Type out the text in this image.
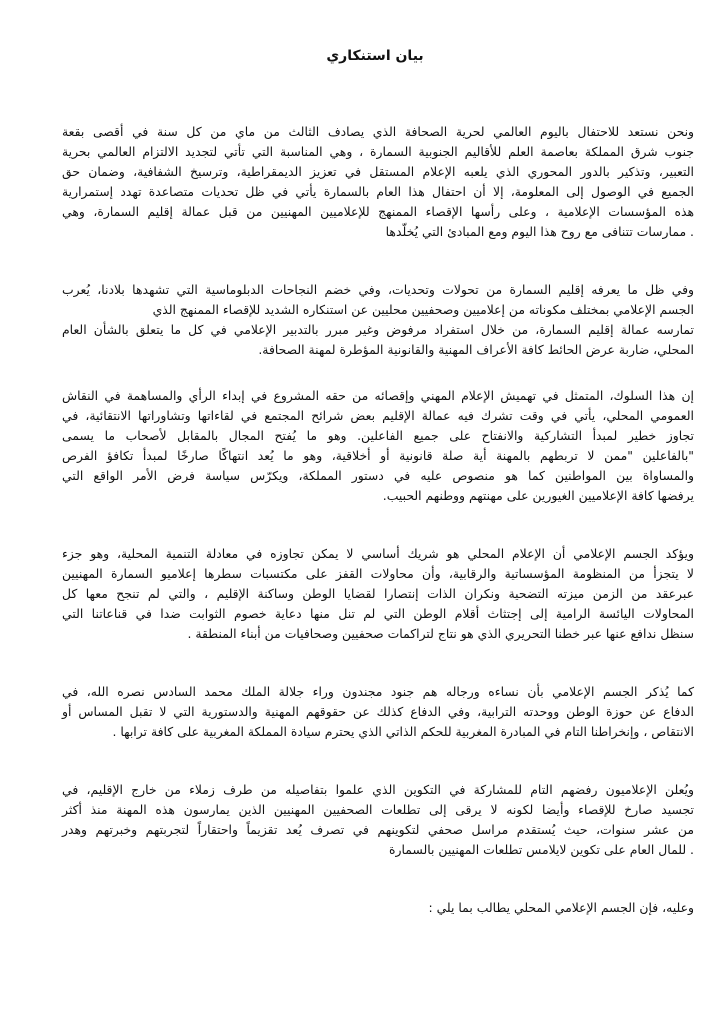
بيان استنكاري
ونحن نستعد للاحتفال باليوم العالمي لحرية الصحافة الذي يصادف الثالث من ماي من كل سنة في أقصى بقعة
جنوب شرق المملكة بعاصمة العلم للأقاليم الجنوبية السمارة ، وهي المناسبة التي تأتي لتجديد الالتزام العالمي بحرية
التعبير، وتذكير بالدور المحوري الذي يلعبه الإعلام المستقل في تعزيز الديمقراطية، وترسيخ الشفافية، وضمان حق
الجميع في الوصول إلى المعلومة، إلا أن احتفال هذا العام بالسمارة يأتي في ظل تحديات متصاعدة تهدد إستمرارية
هذه المؤسسات الإعلامية ، وعلى رأسها الإقصاء الممنهج للإعلاميين المهنيين من قبل عمالة إقليم السمارة، وهي
. ممارسات تتنافى مع روح هذا اليوم ومع المبادئ التي يُخلّدها
وفي ظل ما يعرفه إقليم السمارة من تحولات وتحديات، وفي خضم النجاحات الدبلوماسية التي تشهدها بلادنا، يُعرب
الجسم الإعلامي بمختلف مكوناته من إعلاميين وصحفيين محليين عن استنكاره الشديد للإقصاء الممنهج الذي
تمارسه عمالة إقليم السمارة، من خلال استفراد مرفوض وغير مبرر بالتدبير الإعلامي في كل ما يتعلق بالشأن العام
المحلي، ضاربة عرض الحائط كافة الأعراف المهنية والقانونية المؤطرة لمهنة الصحافة.
إن هذا السلوك، المتمثل في تهميش الإعلام المهني وإقصائه من حقه المشروع في إبداء الرأي والمساهمة في النقاش
العمومي المحلي، يأتي في وقت تشرك فيه عمالة الإقليم بعض شرائح المجتمع في لقاءاتها وتشاوراتها الانتقائية، في
تجاوز خطير لمبدأ التشاركية والانفتاح على جميع الفاعلين. وهو ما يُفتح المجال بالمقابل لأصحاب ما يسمى
"بالفاعلين "ممن لا تربطهم بالمهنة أية صلة قانونية أو أخلاقية، وهو ما يُعد انتهاكًا صارخًا لمبدأ تكافؤ الفرص
والمساواة بين المواطنين كما هو منصوص عليه في دستور المملكة، ويكرّس سياسة فرض الأمر الواقع التي
يرفضها كافة الإعلاميين الغيورين على مهنتهم ووطنهم الحبيب.
ويؤكد الجسم الإعلامي أن الإعلام المحلي هو شريك أساسي لا يمكن تجاوزه في معادلة التنمية المحلية، وهو جزء
لا يتجزأ من المنظومة المؤسساتية والرقابية، وأن محاولات القفز على مكتسبات سطرها إعلاميو السمارة المهنيين
عبرعقد من الزمن ميزته التضحية ونكران الذات إنتصارا لقضايا الوطن وساكنة الإقليم ، والتي لم تنجح معها كل
المحاولات اليائسة الرامية إلى إجتثاث أقلام الوطن التي لم تنل منها دعاية خصوم الثوابت ضدا في قناعاتنا التي
سنظل ندافع عنها عبر خطنا التحريري الذي هو نتاج لتراكمات صحفيين وصحافيات من أبناء المنطقة .
كما يُذكر الجسم الإعلامي بأن نساءه ورجاله هم جنود مجندون وراء جلالة الملك محمد السادس نصره الله، في
الدفاع عن حوزة الوطن ووحدته الترابية، وفي الدفاع كذلك عن حقوقهم المهنية والدستورية التي لا تقبل المساس أو
الانتقاص ، وإنخراطنا التام في المبادرة المغربية للحكم الذاتي الذي يحترم سيادة المملكة المغربية على كافة ترابها .
ويُعلن الإعلاميون رفضهم التام للمشاركة في التكوين الذي علموا بتفاصيله من طرف زملاء من خارج الإقليم، في
تجسيد صارخ للإقصاء وأيضا لكونه لا يرقى إلى تطلعات الصحفيين المهنيين الذين يمارسون هذه المهنة منذ أكثر
من عشر سنوات، حيث يُستقدم مراسل صحفي لتكوينهم في تصرف يُعد تقزيماً واحتقاراً لتجربتهم وخبرتهم وهدر
. للمال العام على تكوين لايلامس تطلعات المهنيين بالسمارة
وعليه، فإن الجسم الإعلامي المحلي يطالب بما يلي :
